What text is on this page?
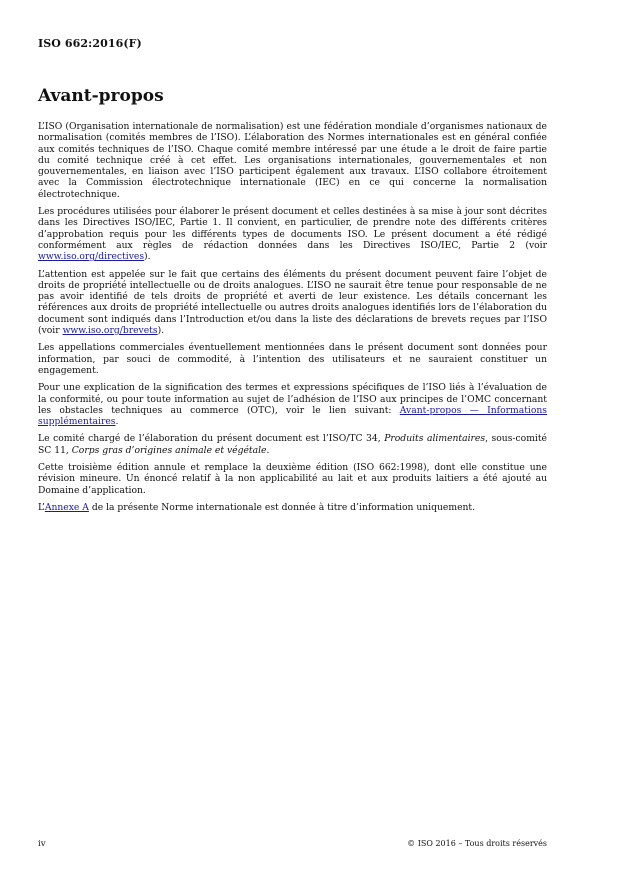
ISO 662:2016(F)
Avant-propos

L’ISO (Organisation internationale de normalisation) est une fédération mondiale d’organismes nationaux de normalisation (comités membres de l’ISO). L’élaboration des Normes internationales est en général confiée aux comités techniques de l’ISO. Chaque comité membre intéressé par une étude a le droit de faire partie du comité technique créé à cet effet. Les organisations internationales, gouvernementales et non gouvernementales, en liaison avec l’ISO participent également aux travaux. L’ISO collabore étroitement avec la Commission électrotechnique internationale (IEC) en ce qui concerne la normalisation électrotechnique.

Les procédures utilisées pour élaborer le présent document et celles destinées à sa mise à jour sont décrites dans les Directives ISO/IEC, Partie 1. Il convient, en particulier, de prendre note des différents critères d’approbation requis pour les différents types de documents ISO. Le présent document a été rédigé conformément aux règles de rédaction données dans les Directives ISO/IEC, Partie 2 (voir www.iso.org/directives).

L’attention est appelée sur le fait que certains des éléments du présent document peuvent faire l’objet de droits de propriété intellectuelle ou de droits analogues. L’ISO ne saurait être tenue pour responsable de ne pas avoir identifié de tels droits de propriété et averti de leur existence. Les détails concernant les références aux droits de propriété intellectuelle ou autres droits analogues identifiés lors de l’élaboration du document sont indiqués dans l’Introduction et/ou dans la liste des déclarations de brevets reçues par l’ISO (voir www.iso.org/brevets).

Les appellations commerciales éventuellement mentionnées dans le présent document sont données pour information, par souci de commodité, à l’intention des utilisateurs et ne sauraient constituer un engagement.

Pour une explication de la signification des termes et expressions spécifiques de l’ISO liés à l’évaluation de la conformité, ou pour toute information au sujet de l’adhésion de l’ISO aux principes de l’OMC concernant les obstacles techniques au commerce (OTC), voir le lien suivant: Avant-propos — Informations supplémentaires.

Le comité chargé de l’élaboration du présent document est l’ISO/TC 34, Produits alimentaires, sous-comité SC 11, Corps gras d’origines animale et végétale.

Cette troisième édition annule et remplace la deuxième édition (ISO 662:1998), dont elle constitue une révision mineure. Un énoncé relatif à la non applicabilité au lait et aux produits laitiers a été ajouté au Domaine d’application.

L’Annexe A de la présente Norme internationale est donnée à titre d’information uniquement.

iv	© ISO 2016 – Tous droits réservés
